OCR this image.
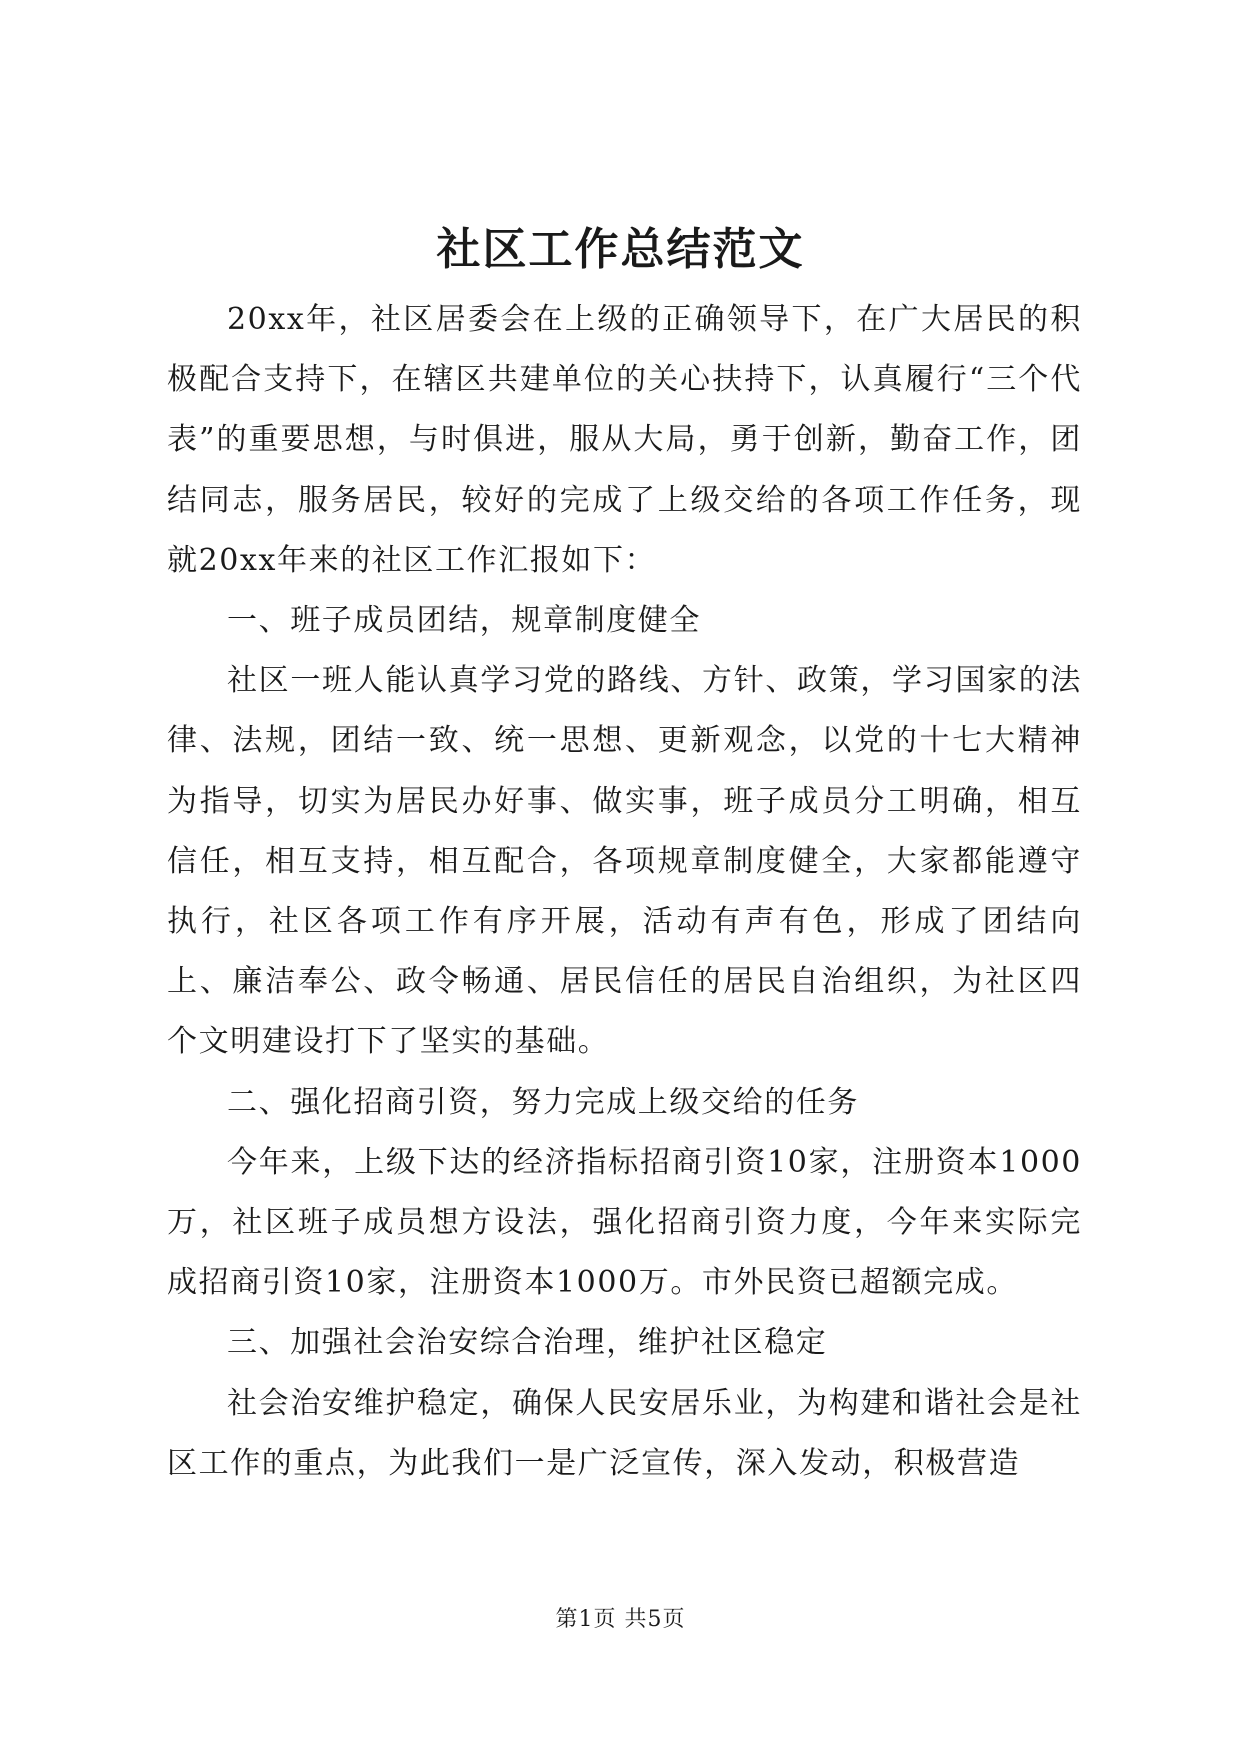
社区工作总结范文

20xx年，社区居委会在上级的正确领导下，在广大居民的积极配合支持下，在辖区共建单位的关心扶持下，认真履行“三个代表”的重要思想，与时俱进，服从大局，勇于创新，勤奋工作，团结同志，服务居民，较好的完成了上级交给的各项工作任务，现就20xx年来的社区工作汇报如下：

一、班子成员团结，规章制度健全

社区一班人能认真学习党的路线、方针、政策，学习国家的法律、法规，团结一致、统一思想、更新观念，以党的十七大精神为指导，切实为居民办好事、做实事，班子成员分工明确，相互信任，相互支持，相互配合，各项规章制度健全，大家都能遵守执行，社区各项工作有序开展，活动有声有色，形成了团结向上、廉洁奉公、政令畅通、居民信任的居民自治组织，为社区四个文明建设打下了坚实的基础。

二、强化招商引资，努力完成上级交给的任务

今年来，上级下达的经济指标招商引资10家，注册资本1000万，社区班子成员想方设法，强化招商引资力度，今年来实际完成招商引资10家，注册资本1000万。市外民资已超额完成。

三、加强社会治安综合治理，维护社区稳定

社会治安维护稳定，确保人民安居乐业，为构建和谐社会是社区工作的重点，为此我们一是广泛宣传，深入发动，积极营造

第1页 共5页
